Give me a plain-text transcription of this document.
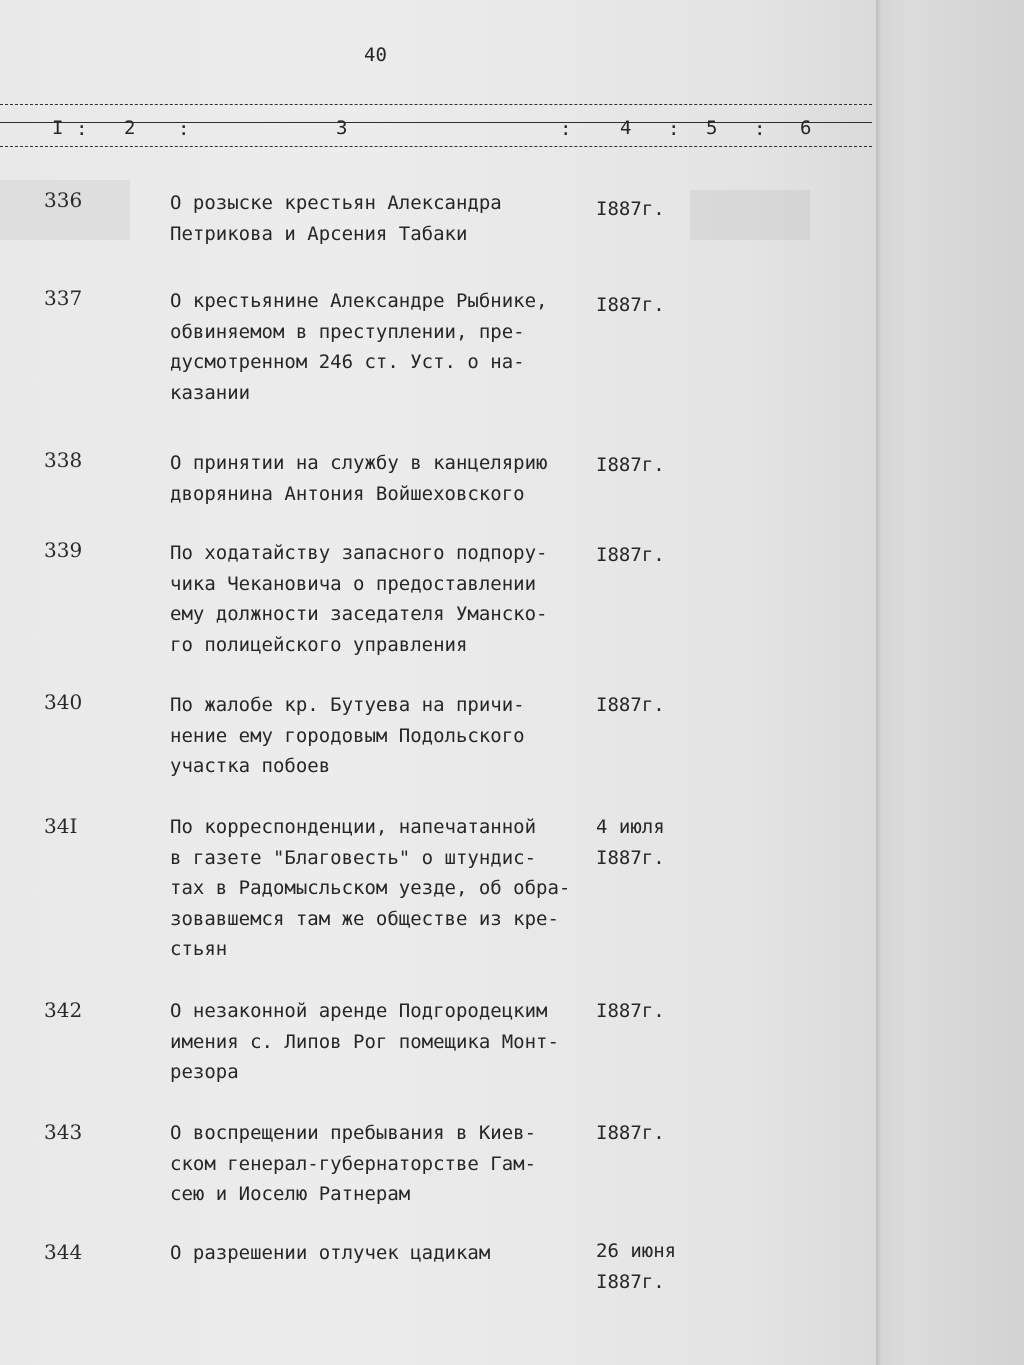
40
I : 2 :	3	:	4 : 5 : 6
336	О розыске крестьян Александра
Петрикова и Арсения Табаки
I887г.
337	О крестьянине Александре Рыбнике,
обвиняемом в преступлении, пре-
дусмотренном 246 ст. Уст. о на-
казании
I887г.
338	О принятии на службу в канцелярию
дворянина Антония Войшеховского
I887г.
339	По ходатайству запасного подпору-
чика Чекановича о предоставлении
ему должности заседателя Уманско-
го полицейского управления
I887г.
340	По жалобе кр. Бутуева на причи-
нение ему городовым Подольского
участка побоев
I887г.
34I	По корреспонденции, напечатанной
в газете "Благовесть" о штундис-
тах в Радомысльском уезде, об обра-
зовавшемся там же обществе из кре-
стьян
4 июля
I887г.
342	О незаконной аренде Подгородецким
имения с. Липов Рог помещика Монт-
резора
I887г.
343	О воспрещении пребывания в Киев-
ском генерал-губернаторстве Гам-
сею и Иоселю Ратнерам
I887г.
344	О разрешении отлучек цадикам	26 июня
I887г.
